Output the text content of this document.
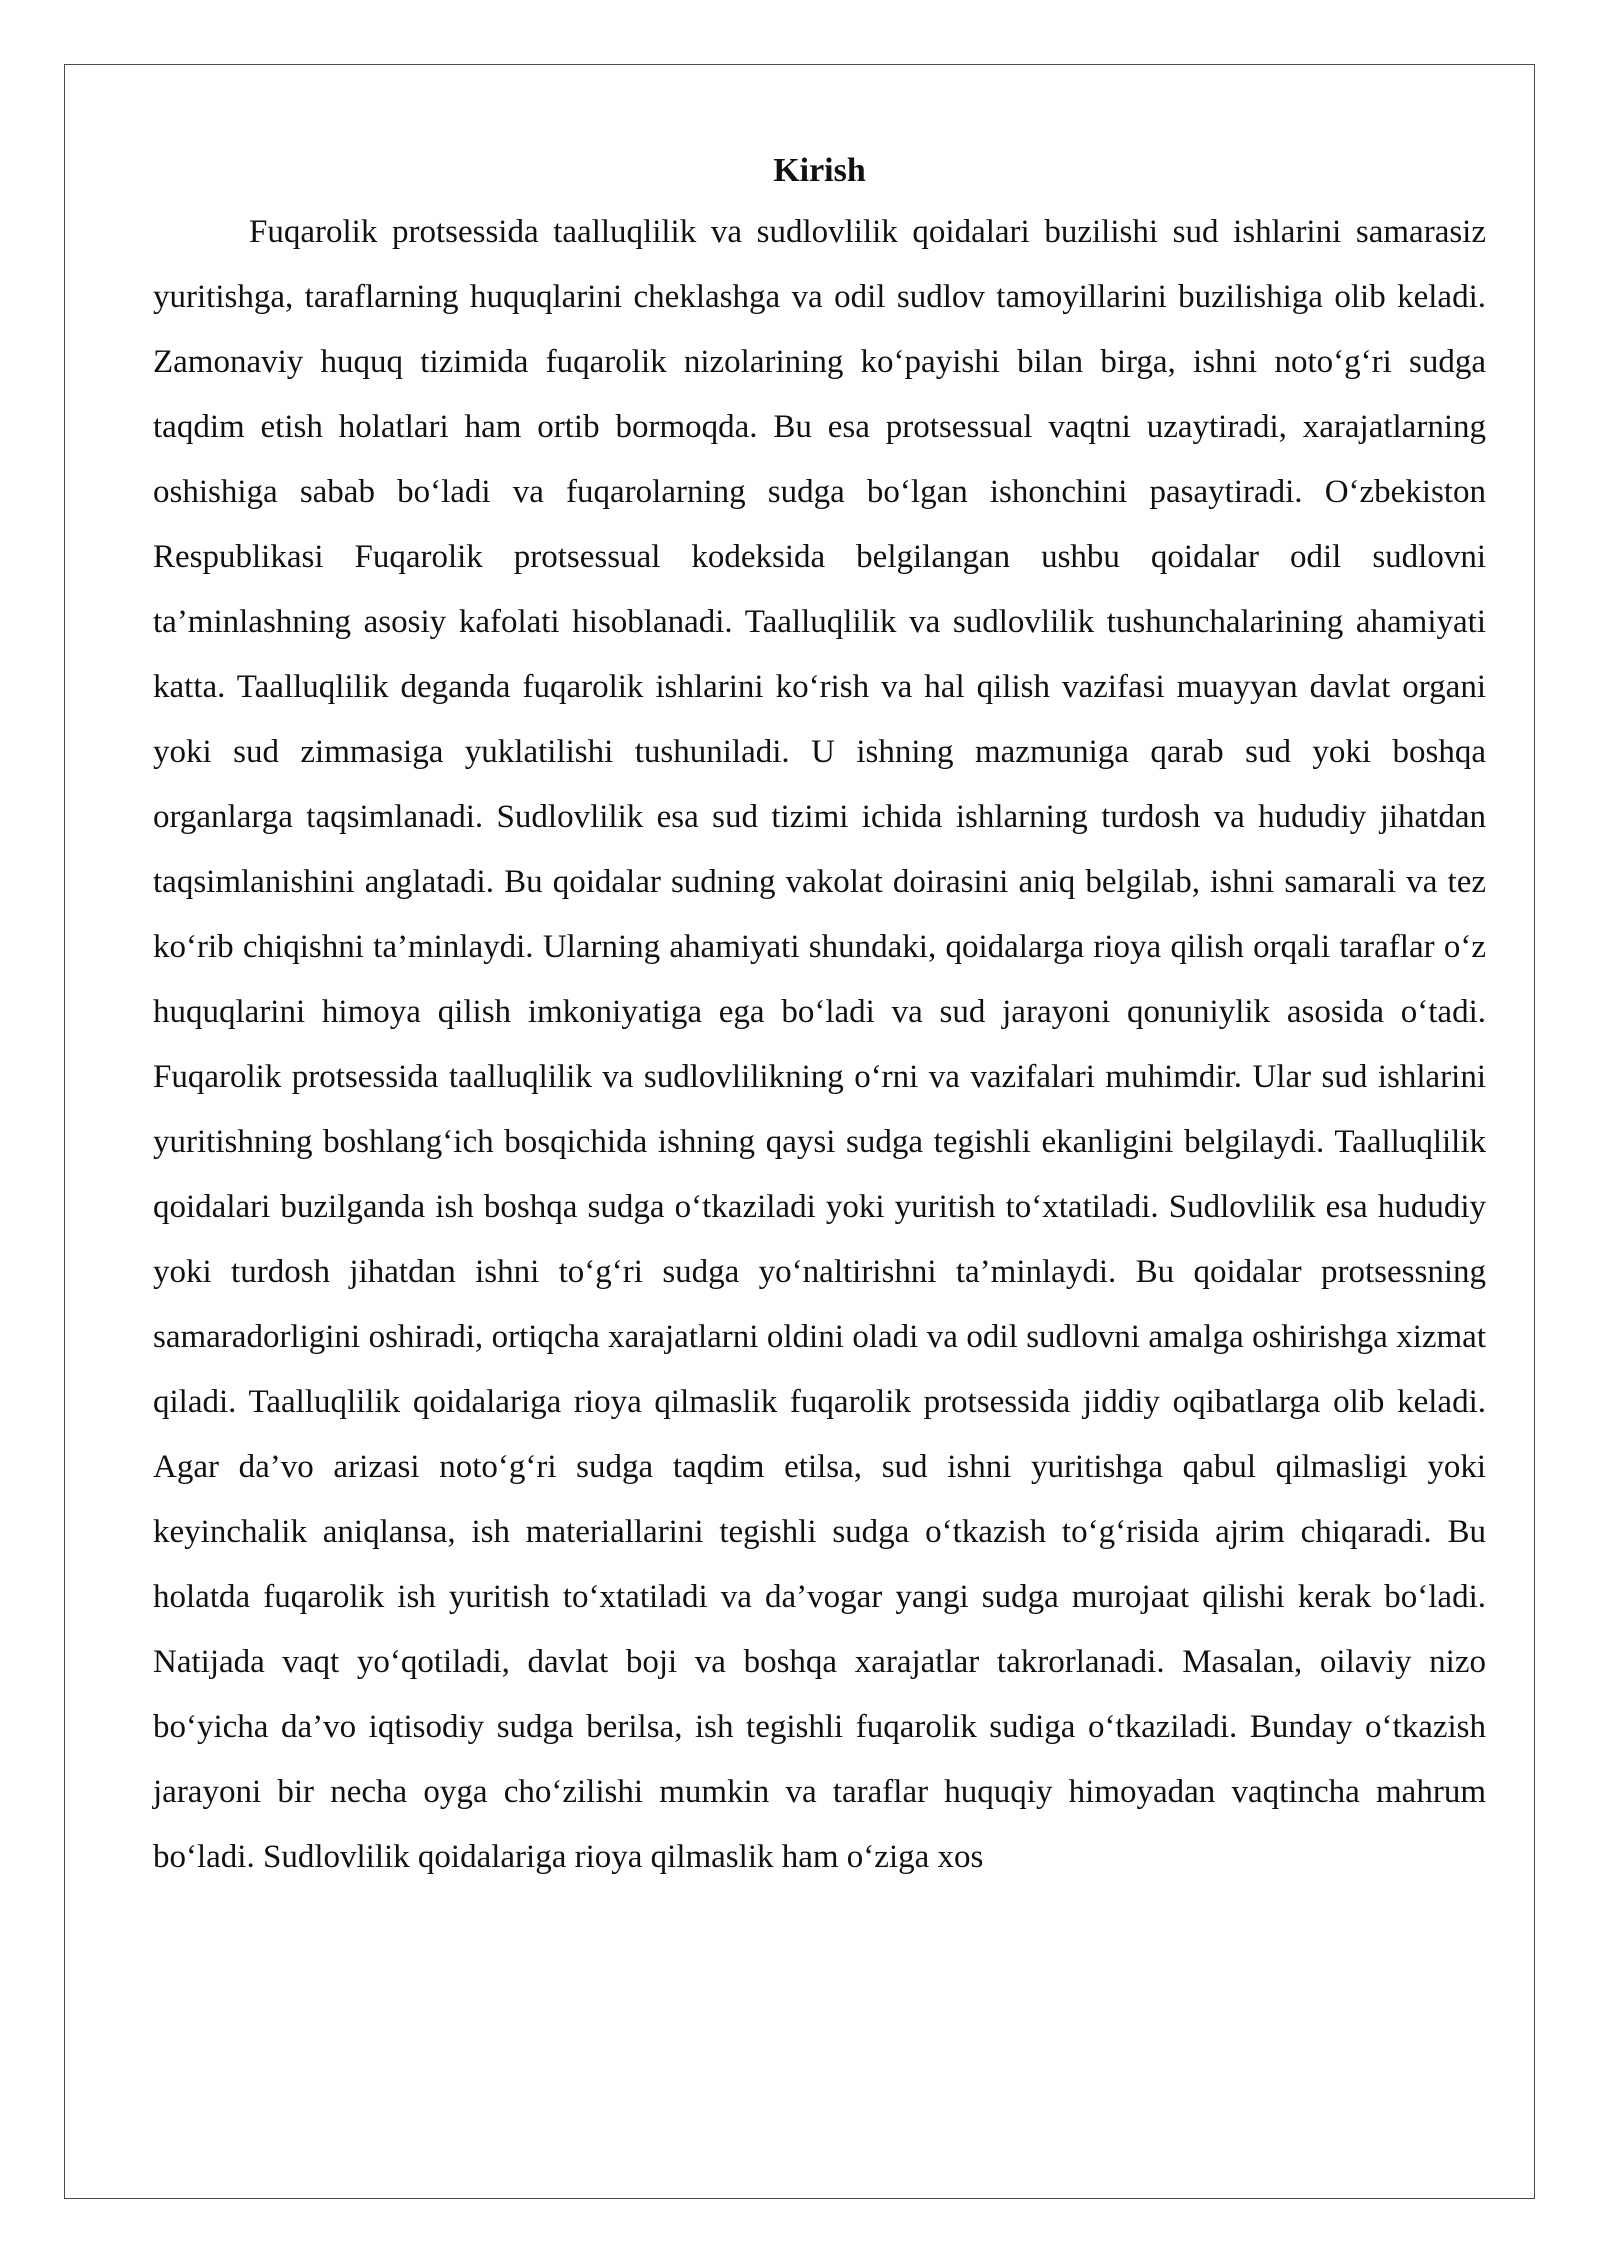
Kirish

Fuqarolik protsessida taalluqlilik va sudlovlilik qoidalari buzilishi sud ishlarini samarasiz yuritishga, taraflarning huquqlarini cheklashga va odil sudlov tamoyillarini buzilishiga olib keladi. Zamonaviy huquq tizimida fuqarolik nizolarining ko‘payishi bilan birga, ishni noto‘g‘ri sudga taqdim etish holatlari ham ortib bormoqda. Bu esa protsessual vaqtni uzaytiradi, xarajatlarning oshishiga sabab bo‘ladi va fuqarolarning sudga bo‘lgan ishonchini pasaytiradi. O‘zbekiston Respublikasi Fuqarolik protsessual kodeksida belgilangan ushbu qoidalar odil sudlovni ta’minlashning asosiy kafolati hisoblanadi. Taalluqlilik va sudlovlilik tushunchalarining ahamiyati katta. Taalluqlilik deganda fuqarolik ishlarini ko‘rish va hal qilish vazifasi muayyan davlat organi yoki sud zimmasiga yuklatilishi tushuniladi. U ishning mazmuniga qarab sud yoki boshqa organlarga taqsimlanadi. Sudlovlilik esa sud tizimi ichida ishlarning turdosh va hududiy jihatdan taqsimlanishini anglatadi. Bu qoidalar sudning vakolat doirasini aniq belgilab, ishni samarali va tez ko‘rib chiqishni ta’minlaydi. Ularning ahamiyati shundaki, qoidalarga rioya qilish orqali taraflar o‘z huquqlarini himoya qilish imkoniyatiga ega bo‘ladi va sud jarayoni qonuniylik asosida o‘tadi. Fuqarolik protsessida taalluqlilik va sudlovlilikning o‘rni va vazifalari muhimdir. Ular sud ishlarini yuritishning boshlang‘ich bosqichida ishning qaysi sudga tegishli ekanligini belgilaydi. Taalluqlilik qoidalari buzilganda ish boshqa sudga o‘tkaziladi yoki yuritish to‘xtatiladi. Sudlovlilik esa hududiy yoki turdosh jihatdan ishni to‘g‘ri sudga yo‘naltirishni ta’minlaydi. Bu qoidalar protsessning samaradorligini oshiradi, ortiqcha xarajatlarni oldini oladi va odil sudlovni amalga oshirishga xizmat qiladi. Taalluqlilik qoidalariga rioya qilmaslik fuqarolik protsessida jiddiy oqibatlarga olib keladi. Agar da’vo arizasi noto‘g‘ri sudga taqdim etilsa, sud ishni yuritishga qabul qilmasligi yoki keyinchalik aniqlansa, ish materiallarini tegishli sudga o‘tkazish to‘g‘risida ajrim chiqaradi. Bu holatda fuqarolik ish yuritish to‘xtatiladi va da’vogar yangi sudga murojaat qilishi kerak bo‘ladi. Natijada vaqt yo‘qotiladi, davlat boji va boshqa xarajatlar takrorlanadi. Masalan, oilaviy nizo bo‘yicha da’vo iqtisodiy sudga berilsa, ish tegishli fuqarolik sudiga o‘tkaziladi. Bunday o‘tkazish jarayoni bir necha oyga cho‘zilishi mumkin va taraflar huquqiy himoyadan vaqtincha mahrum bo‘ladi. Sudlovlilik qoidalariga rioya qilmaslik ham o‘ziga xos
